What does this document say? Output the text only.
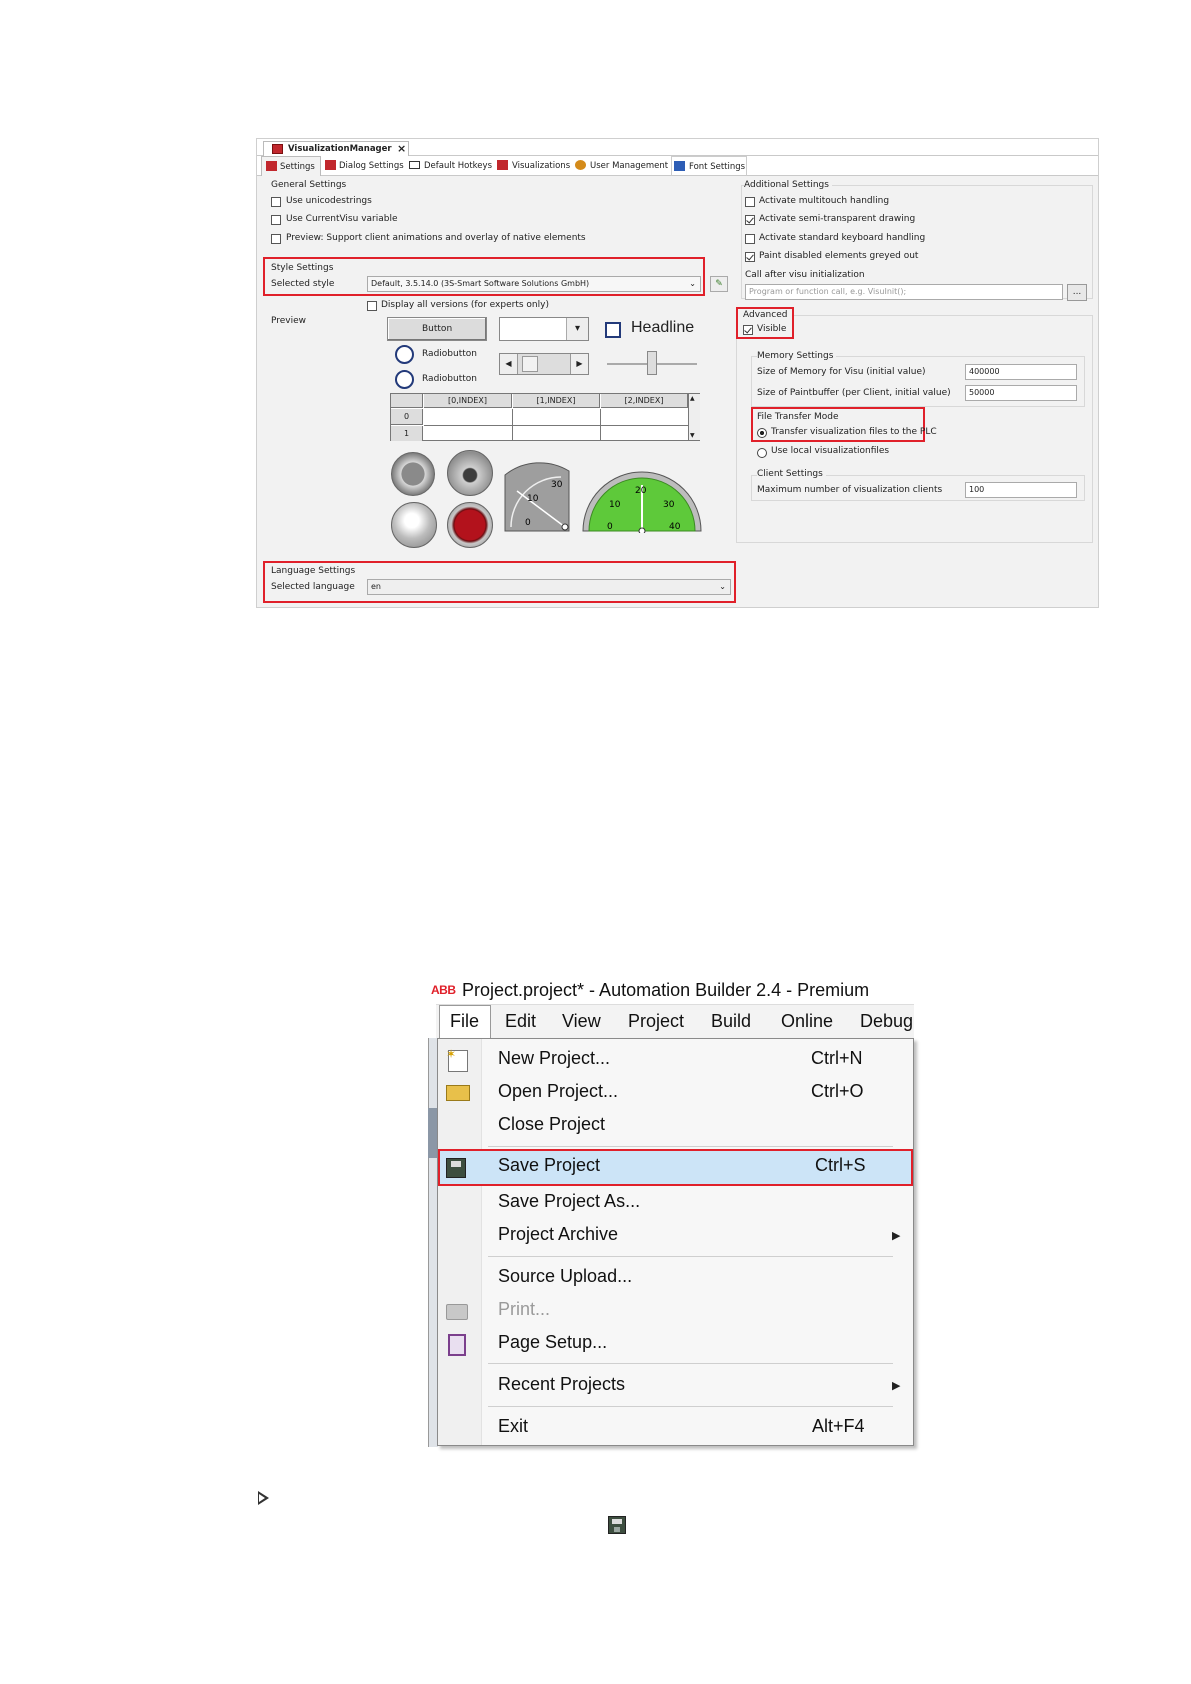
VisualizationManager ×
Settings	Dialog Settings Default Hotkeys Visualizations User Management Font Settings
General Settings
Use unicodestrings
Use CurrentVisu variable
Preview: Support client animations and overlay of native elements
Style Settings
Selected style	Default, 3.5.14.0 (3S-Smart Software Solutions GmbH)	⌄	✎
Display all versions (for experts only)
Preview
Button	▾	Headline
Radiobutton
Radiobutton
◀	▶
[0,INDEX]	[1,INDEX]	[2,INDEX]
0
1
▲
▼
0
10
30
0
10
20
30
40
Language Settings
Selected language	en	⌄
Additional Settings
Activate multitouch handling
Activate semi-transparent drawing
Activate standard keyboard handling
Paint disabled elements greyed out
Call after visu initialization
Program or function call, e.g. VisuInit();	...
Advanced
Visible
Memory Settings
Size of Memory for Visu (initial value)	400000
Size of Paintbuffer (per Client, initial value)	50000
File Transfer Mode
Transfer visualization files to the PLC
Use local visualizationfiles
Client Settings
Maximum number of visualization clients	100
ABB Project.project* - Automation Builder 2.4 - Premium
File Edit View Project Build Online Debug
✶ New Project...	Ctrl+N
Open Project...	Ctrl+O
Close Project
Save Project	Ctrl+S
Save Project As...
Project Archive	▶
Source Upload...
Print...
Page Setup...
Recent Projects	▶
Exit	Alt+F4
